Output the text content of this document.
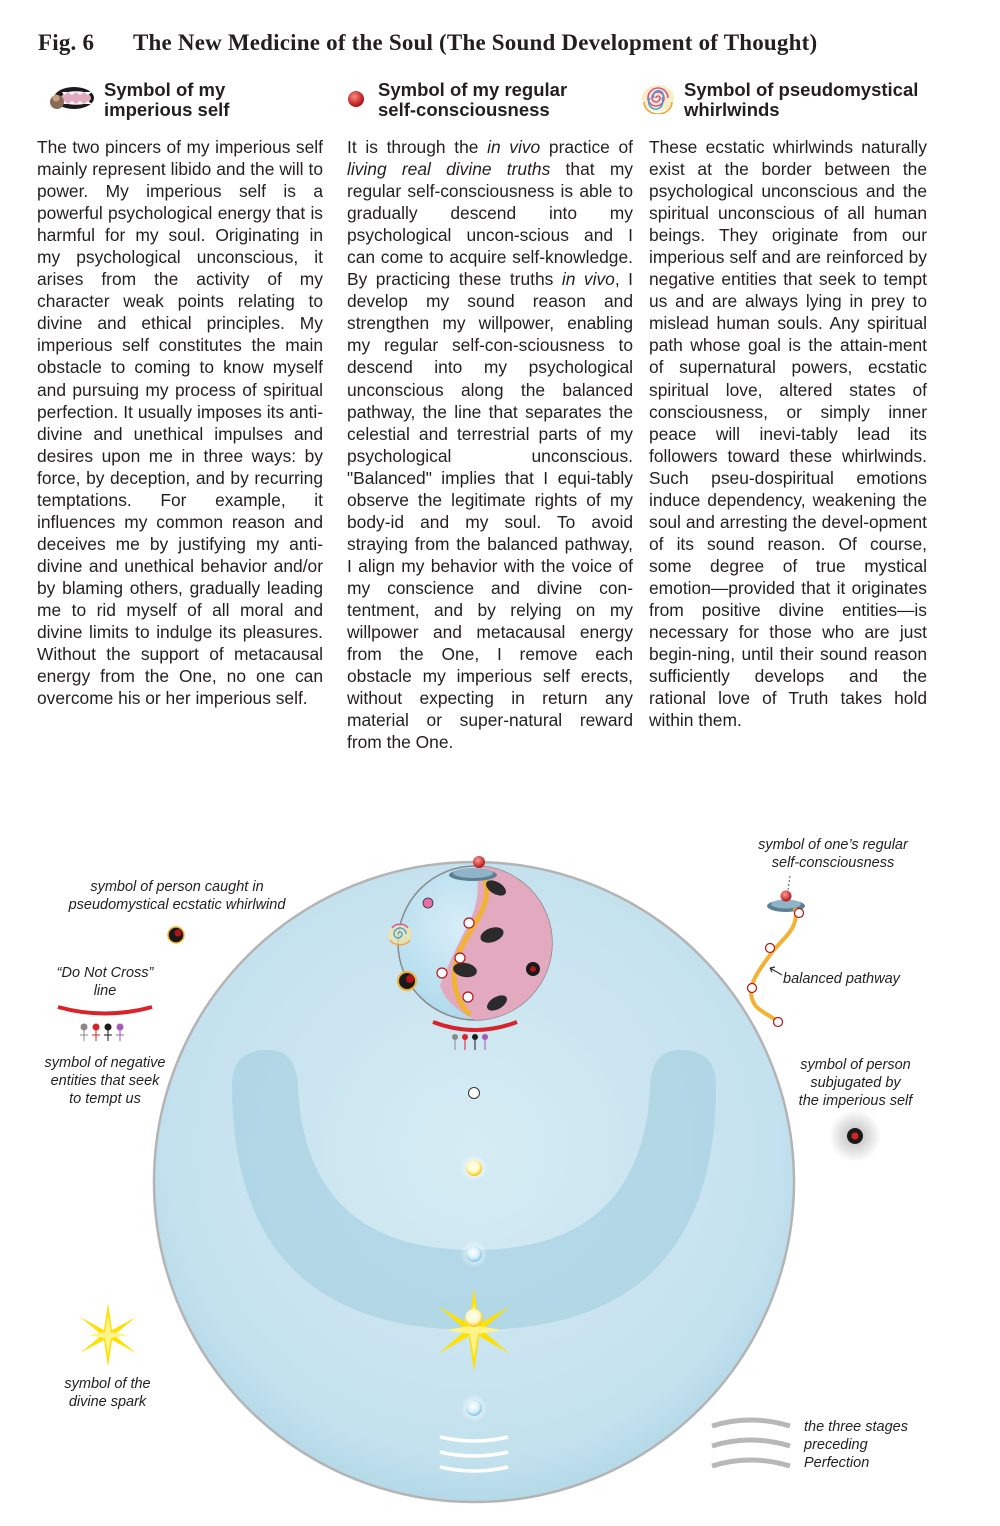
Fig. 6 The New Medicine of the Soul (The Sound Development of Thought)
Symbol of my
imperious self
Symbol of my regular
self-consciousness
Symbol of pseudomystical
whirlwinds

The two pincers of my imperious self mainly represent libido and the will to power. My imperious self is a powerful psychological energy that is harmful for my soul. Originating in my psychological unconscious, it arises from the activity of my character weak points relating to divine and ethical principles. My imperious self constitutes the main obstacle to coming to know myself and pursuing my process of spiritual perfection. It usually imposes its anti-divine and unethical impulses and desires upon me in three ways: by force, by deception, and by recurring temptations. For example, it influences my common reason and deceives me by justifying my anti-divine and unethical behavior and/or by blaming others, gradually leading me to rid myself of all moral and divine limits to indulge its pleasures. Without the support of metacausal energy from the One, no one can overcome his or her imperious self.

It is through the in vivo practice of living real divine truths that my regular self-consciousness is able to gradually descend into my psychological uncon-scious and I can come to acquire self-knowledge. By practicing these truths in vivo, I develop my sound reason and strengthen my willpower, enabling my regular self-con-sciousness to descend into my psychological unconscious along the balanced pathway, the line that separates the celestial and terrestrial parts of my psychological unconscious. "Balanced" implies that I equi-tably observe the legitimate rights of my body-id and my soul. To avoid straying from the balanced pathway, I align my behavior with the voice of my conscience and divine con-tentment, and by relying on my willpower and metacausal energy from the One, I remove each obstacle my imperious self erects, without expecting in return any material or super-natural reward from the One.

These ecstatic whirlwinds naturally exist at the border between the psychological unconscious and the spiritual unconscious of all human beings. They originate from our imperious self and are reinforced by negative entities that seek to tempt us and are always lying in prey to mislead human souls. Any spiritual path whose goal is the attain-ment of supernatural powers, ecstatic spiritual love, altered states of consciousness, or simply inner peace will inevi-tably lead its followers toward these whirlwinds. Such pseu-dospiritual emotions induce dependency, weakening the soul and arresting the devel-opment of its sound reason. Of course, some degree of true mystical emotion—provided that it originates from positive divine entities—is necessary for those who are just begin-ning, until their sound reason sufficiently develops and the rational love of Truth takes hold within them.

symbol of person caught in
pseudomystical ecstatic whirlwind
“Do Not Cross”
line
symbol of negative
entities that seek
to tempt us
symbol of the
divine spark
symbol of one’s regular
self-consciousness
balanced pathway
symbol of person
subjugated by
the imperious self
the three stages
preceding
Perfection
